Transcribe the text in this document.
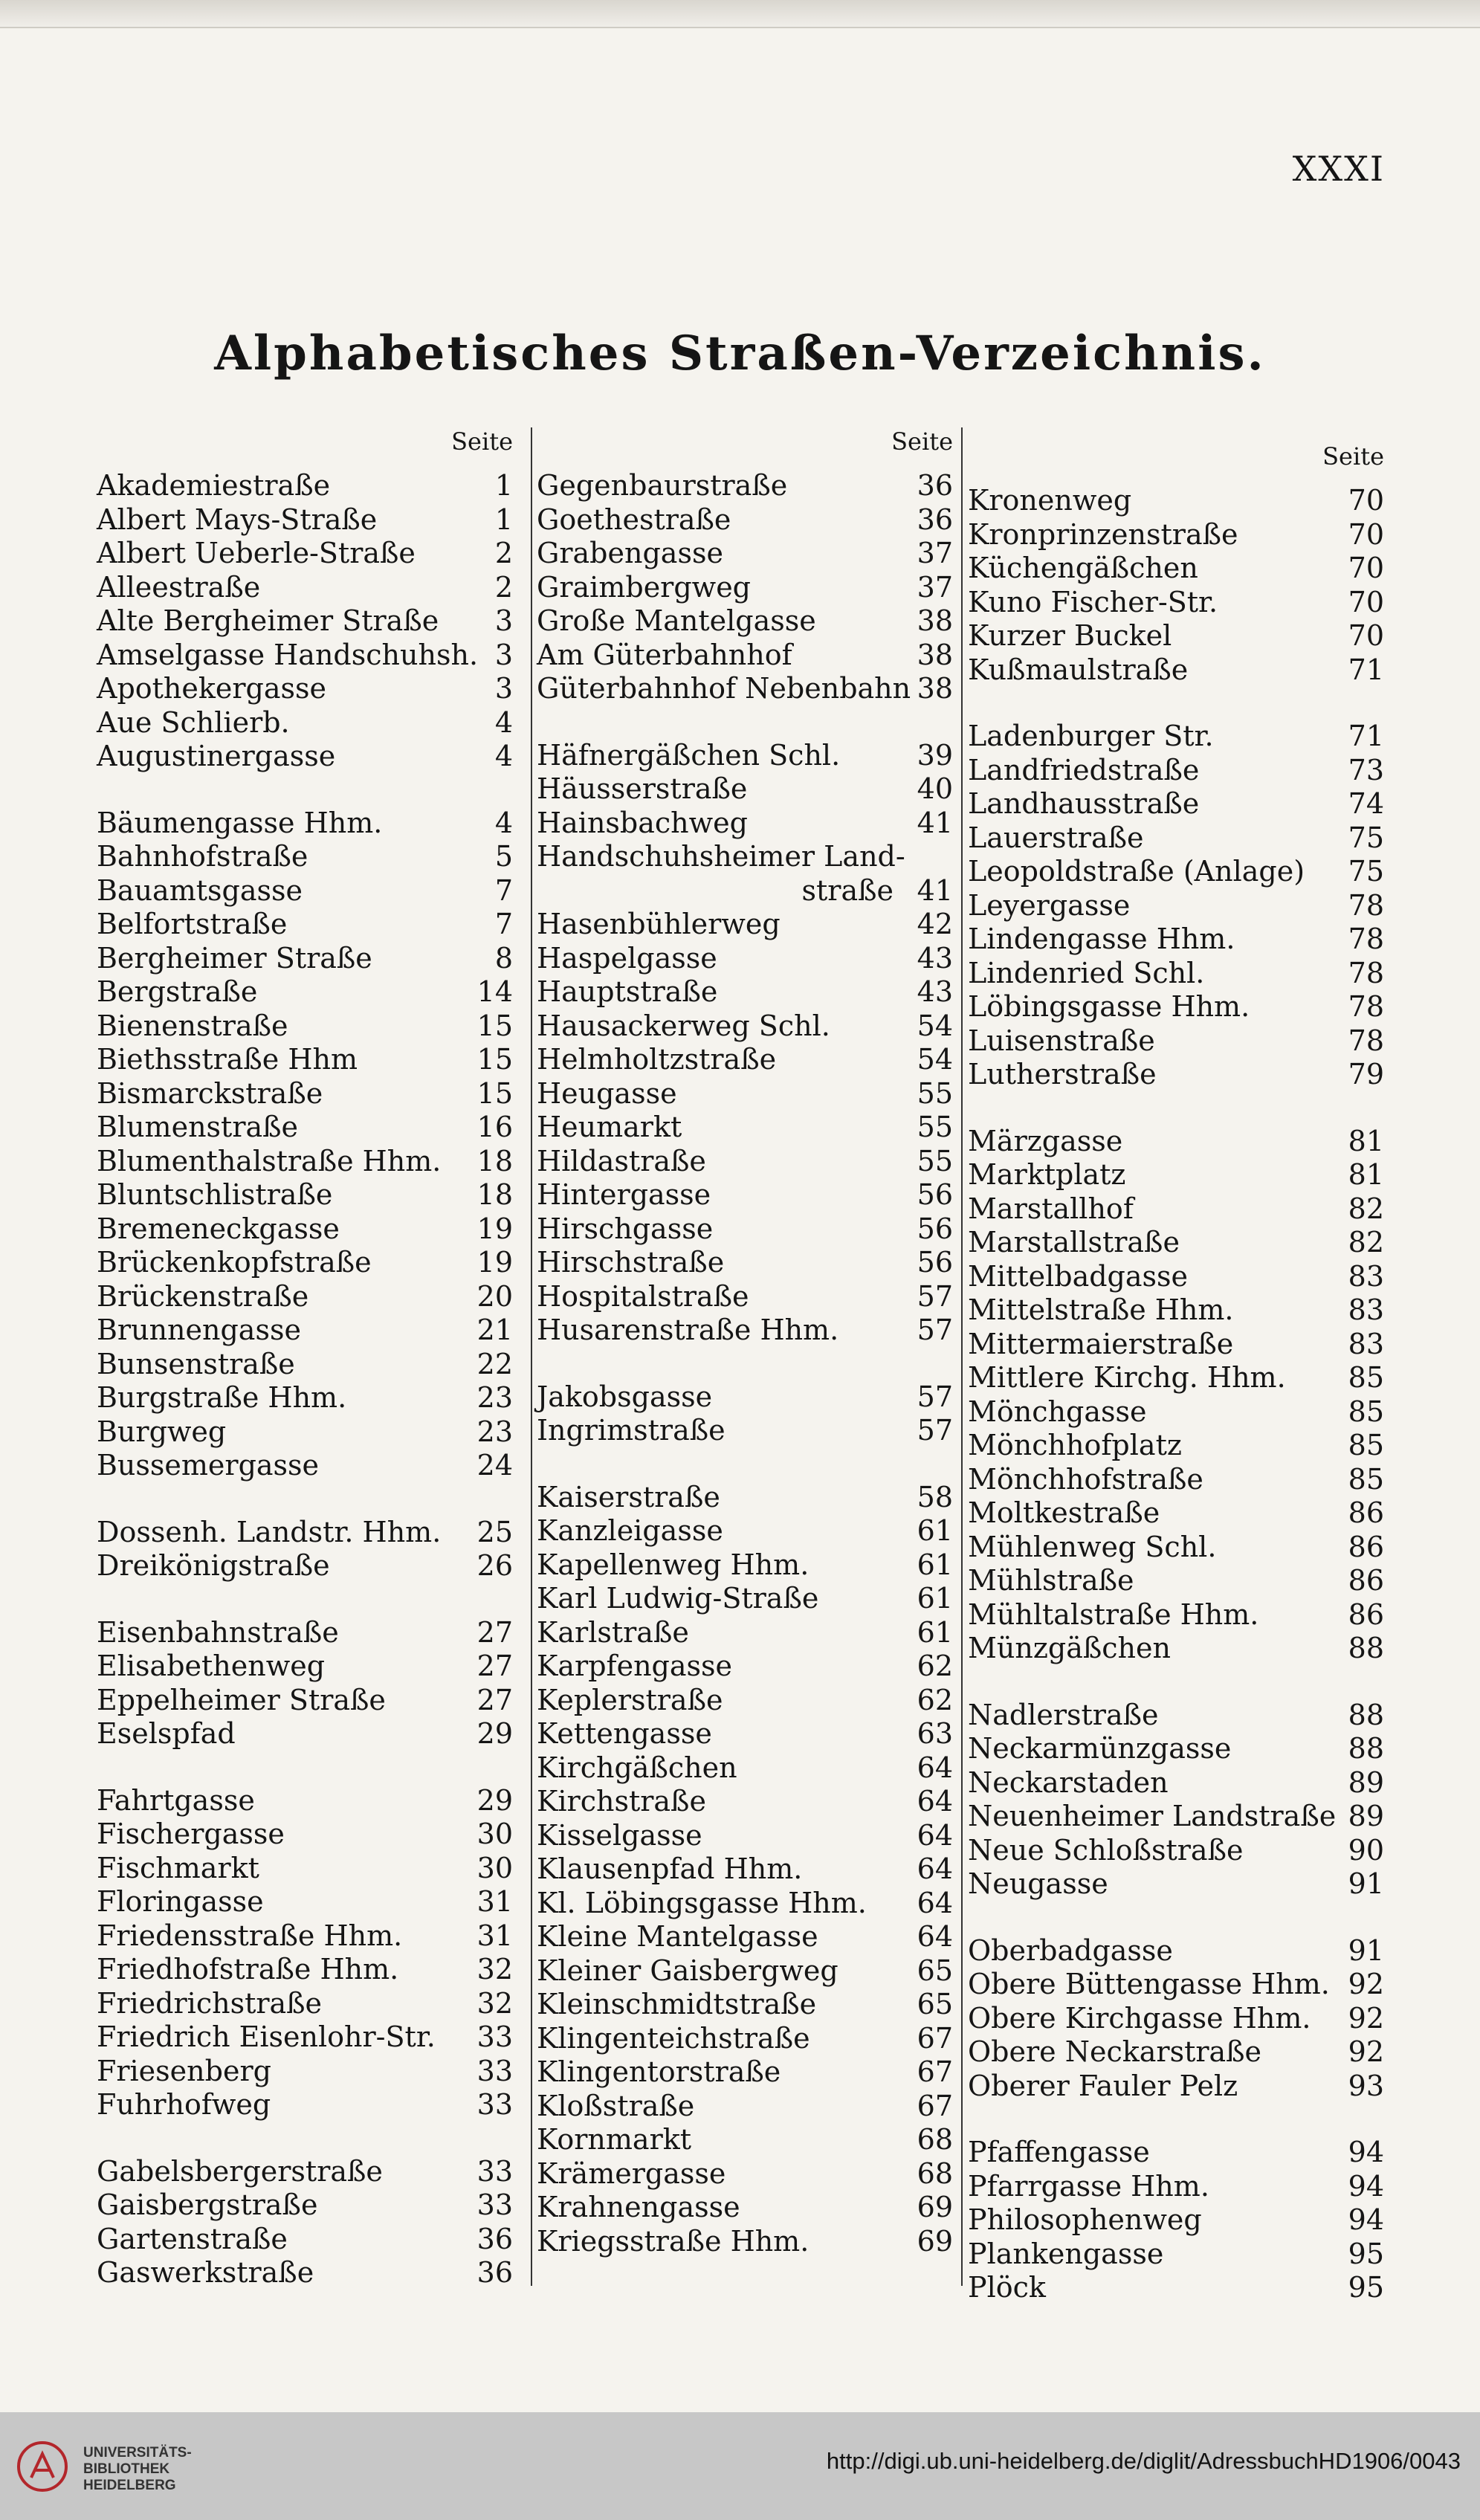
XXXI
Alphabetisches Straßen-Verzeichnis.
Seite
Akademiestraße	1
Albert Mays-Straße	1
Albert Ueberle-Straße	2
Alleestraße	2
Alte Bergheimer Straße 3
Amselgasse Handschuhsh. 3
Apothekergasse	3
Aue Schlierb.	4
Augustinergasse	4
Bäumengasse Hhm.	4
Bahnhofstraße	5
Bauamtsgasse	7
Belfortstraße	7
Bergheimer Straße	8
Bergstraße	14
Bienenstraße	15
Biethsstraße Hhm	15
Bismarckstraße	15
Blumenstraße	16
Blumenthalstraße Hhm. 18
Bluntschlistraße	18
Bremeneckgasse	19
Brückenkopfstraße	19
Brückenstraße	20
Brunnengasse	21
Bunsenstraße	22
Burgstraße Hhm.	23
Burgweg	23
Bussemergasse	24
Dossenh. Landstr. Hhm. 25
Dreikönigstraße	26
Eisenbahnstraße	27
Elisabethenweg	27
Eppelheimer Straße	27
Eselspfad	29
Fahrtgasse	29
Fischergasse	30
Fischmarkt	30
Floringasse	31
Friedensstraße Hhm.	31
Friedhofstraße Hhm.	32
Friedrichstraße	32
Friedrich Eisenlohr-Str. 33
Friesenberg	33
Fuhrhofweg	33
Gabelsbergerstraße	33
Gaisbergstraße	33
Gartenstraße	36
Gaswerkstraße	36
Seite
Gegenbaurstraße	36
Goethestraße	36
Grabengasse	37
Graimbergweg	37
Große Mantelgasse	38
Am Güterbahnhof	38
Güterbahnhof Nebenbahn 38
Häfnergäßchen Schl.	39
Häusserstraße	40
Hainsbachweg	41
Handschuhsheimer Land-
straße 41
Hasenbühlerweg	42
Haspelgasse	43
Hauptstraße	43
Hausackerweg Schl.	54
Helmholtzstraße	54
Heugasse	55
Heumarkt	55
Hildastraße	55
Hintergasse	56
Hirschgasse	56
Hirschstraße	56
Hospitalstraße	57
Husarenstraße Hhm.	57
Jakobsgasse	57
Ingrimstraße	57
Kaiserstraße	58
Kanzleigasse	61
Kapellenweg Hhm.	61
Karl Ludwig-Straße	61
Karlstraße	61
Karpfengasse	62
Keplerstraße	62
Kettengasse	63
Kirchgäßchen	64
Kirchstraße	64
Kisselgasse	64
Klausenpfad Hhm.	64
Kl. Löbingsgasse Hhm. 64
Kleine Mantelgasse	64
Kleiner Gaisbergweg	65
Kleinschmidtstraße	65
Klingenteichstraße	67
Klingentorstraße	67
Kloßstraße	67
Kornmarkt	68
Krämergasse	68
Krahnengasse	69
Kriegsstraße Hhm.	69
Seite
Kronenweg	70
Kronprinzenstraße	70
Küchengäßchen	70
Kuno Fischer-Str.	70
Kurzer Buckel	70
Kußmaulstraße	71
Ladenburger Str.	71
Landfriedstraße	73
Landhausstraße	74
Lauerstraße	75
Leopoldstraße (Anlage) 75
Leyergasse	78
Lindengasse Hhm.	78
Lindenried Schl.	78
Löbingsgasse Hhm.	78
Luisenstraße	78
Lutherstraße	79
Märzgasse	81
Marktplatz	81
Marstallhof	82
Marstallstraße	82
Mittelbadgasse	83
Mittelstraße Hhm.	83
Mittermaierstraße	83
Mittlere Kirchg. Hhm. 85
Mönchgasse	85
Mönchhofplatz	85
Mönchhofstraße	85
Moltkestraße	86
Mühlenweg Schl.	86
Mühlstraße	86
Mühltalstraße Hhm.	86
Münzgäßchen	88
Nadlerstraße	88
Neckarmünzgasse	88
Neckarstaden	89
Neuenheimer Landstraße 89
Neue Schloßstraße	90
Neugasse	91
Oberbadgasse	91
Obere Büttengasse Hhm. 92
Obere Kirchgasse Hhm. 92
Obere Neckarstraße	92
Oberer Fauler Pelz	93
Pfaffengasse	94
Pfarrgasse Hhm.	94
Philosophenweg	94
Plankengasse	95
Plöck	95
UNIVERSITÄTS-
BIBLIOTHEK
HEIDELBERG
http://digi.ub.uni-heidelberg.de/diglit/AdressbuchHD1906/0043
